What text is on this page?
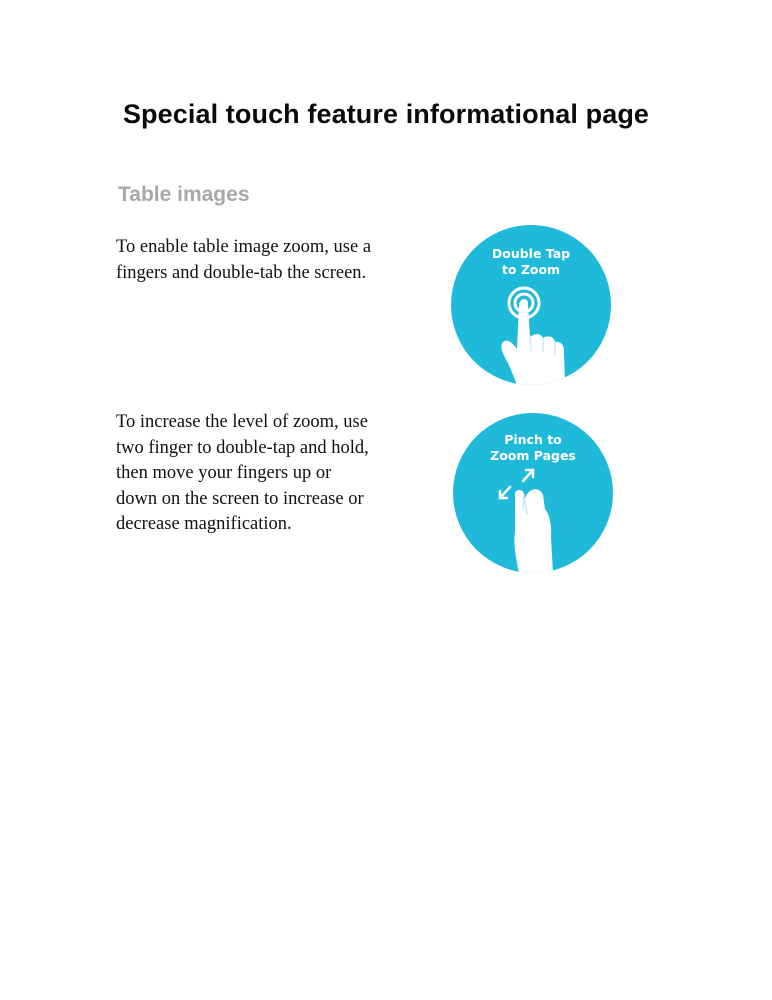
Special touch feature informational page
Table images
To enable table image zoom, use a fingers and double-tab the screen.
Double Tap
to Zoom
To increase the level of zoom, use two finger to double-tap and hold, then move your fingers up or down on the screen to increase or decrease magnification.
Pinch to
Zoom Pages
